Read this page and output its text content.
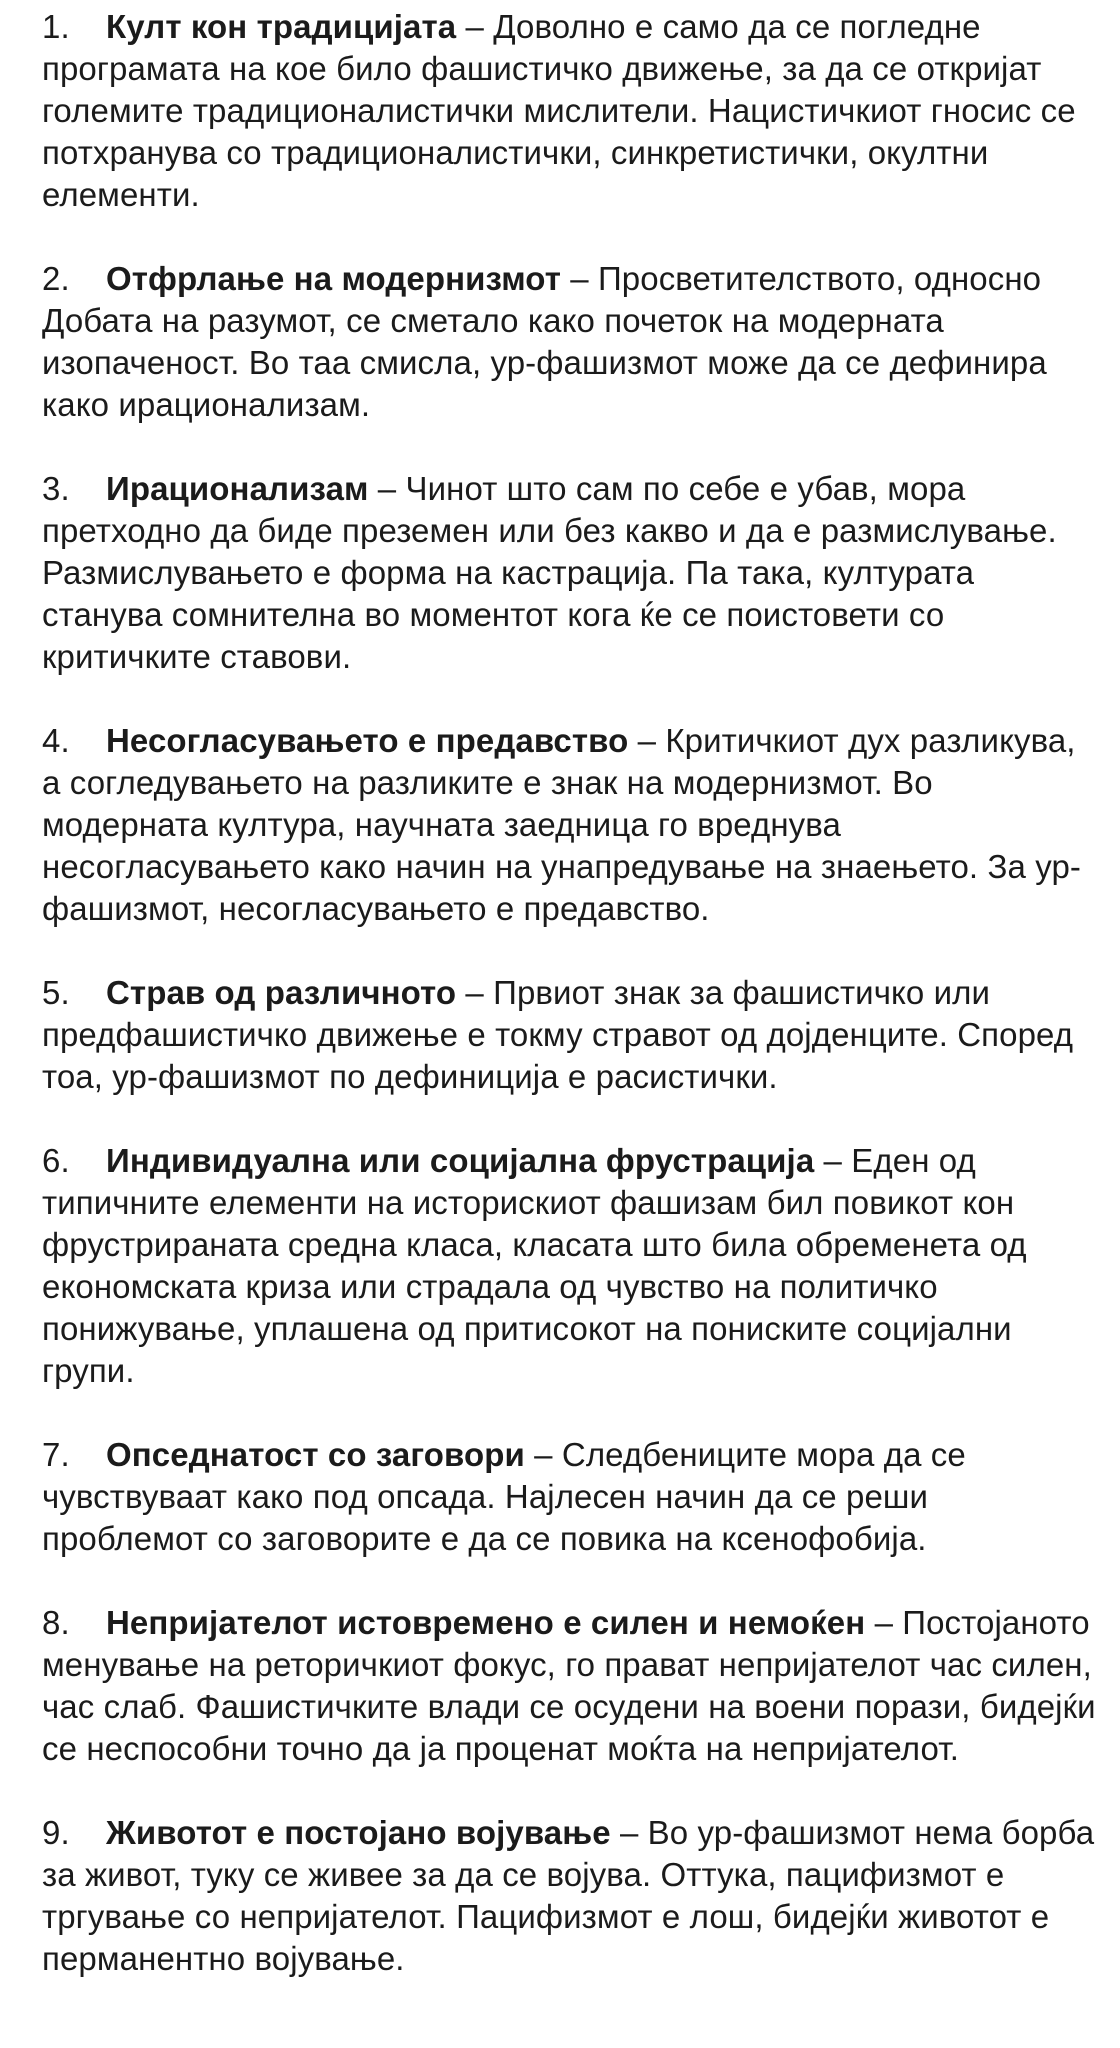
1. Култ кон традицијата – Доволно е само да се погледне програмата на кое било фашистичко движење, за да се откријат големите традиционалистички мислители. Нацистичкиот гносис се потхранува со традиционалистички, синкретистички, окултни елементи.

2. Отфрлање на модернизмот – Просветителството, односно Добата на разумот, се сметало како почеток на модерната изопаченост. Во таа смисла, ур-фашизмот може да се дефинира како ирационализам.

3. Ирационализам – Чинот што сам по себе е убав, мора претходно да биде преземен или без какво и да е размислување. Размислувањето е форма на кастрација. Па така, културата станува сомнителна во моментот кога ќе се поистовети со критичките ставови.

4. Несогласувањето е предавство – Критичкиот дух разликува, а согледувањето на разликите е знак на модернизмот. Во модерната култура, научната заедница го вреднува несогласувањето како начин на унапредување на знаењето. За ур-фашизмот, несогласувањето е предавство.

5. Страв од различното – Првиот знак за фашистичко или предфашистичко движење е токму стравот од дојденците. Според тоа, ур-фашизмот по дефиниција е расистички.

6. Индивидуална или социјална фрустрација – Еден од типичните елементи на историскиот фашизам бил повикот кон фрустрираната средна класа, класата што била обременета од економската криза или страдала од чувство на политичко понижување, уплашена од притисокот на пониските социјални групи.

7. Опседнатост со заговори – Следбениците мора да се чувствуваат како под опсада. Најлесен начин да се реши проблемот со заговорите е да се повика на ксенофобија.

8. Непријателот истовремено е силен и немоќен – Постојаното менување на реторичкиот фокус, го прават непријателот час силен, час слаб. Фашистичките влади се осудени на воени порази, бидејќи се неспособни точно да ја проценат моќта на непријателот.

9. Животот е постојано војување – Во ур-фашизмот нема борба за живот, туку се живее за да се војува. Оттука, пацифизмот е тргување со непријателот. Пацифизмот е лош, бидејќи животот е перманентно војување.
